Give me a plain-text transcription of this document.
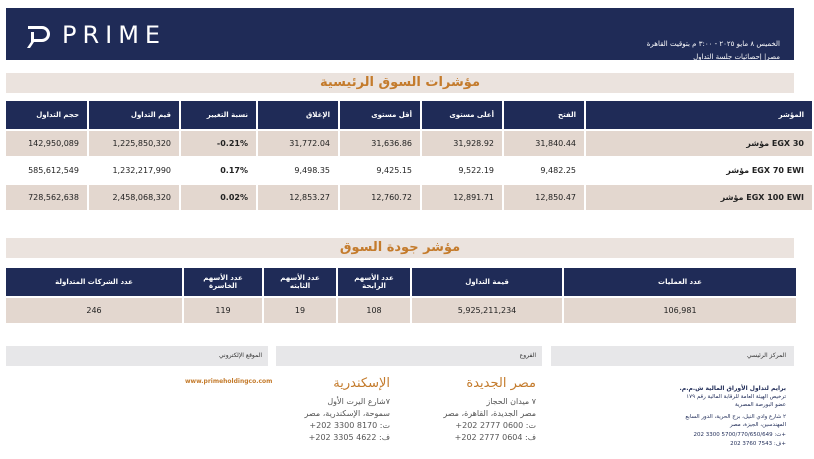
PRIME	الخميس ٨ مايو ٢٠٢٥ - ٣:٠٠ م بتوقيت القاهرة
مصر| إحصائيات جلسة التداول
مؤشرات السوق الرئيسية
المؤشر	الفتح	أعلى مستوى	أقل مستوى	الإغلاق	نسبة التغيير	قيم التداول	حجم التداول
مؤشر EGX 30	31,840.44	31,928.92	31,636.86	31,772.04	-0.21%	1,225,850,320	142,950,089
مؤشر EGX 70 EWI	9,482.25	9,522.19	9,425.15	9,498.35	0.17%	1,232,217,990	585,612,549
مؤشر EGX 100 EWI	12,850.47	12,891.71	12,760.72	12,853.27	0.02%	2,458,068,320	728,562,638
مؤشر جودة السوق
عدد العمليات	قيمة التداول	عدد الأسهم الرابحة	عدد الأسهم الثابته	عدد الأسهم الخاسرة	عدد الشركات المتداولة
106,981	5,925,211,234	108	19	119	246
الموقع الإلكتروني	الفروع	المركز الرئيسي
www.primeholdingco.com	الإسكندرية
٧شارع اليرت الأول
سموحة، الإسكندرية، مصر
ت: 8170 3300 202+
ف: 4622 3305 202+
مصر الجديدة
٧ ميدان الحجاز
مصر الجديدة، القاهرة، مصر
ت: 0600 2777 202+
ف: 0604 2777 202+
برايم لتداول الأوراق المالية ش.م.م.
ترخيص الهيئة العامة للرقابة المالية رقم ١٧٩
عضو البورصة المصرية
٢ شارع وادي النيل، برج الحرية، الدور السابع
المهندسين، الجيزة، مصر
ت: 5700/770/650/649 3300 202+
ف: 7543 3760 202+
